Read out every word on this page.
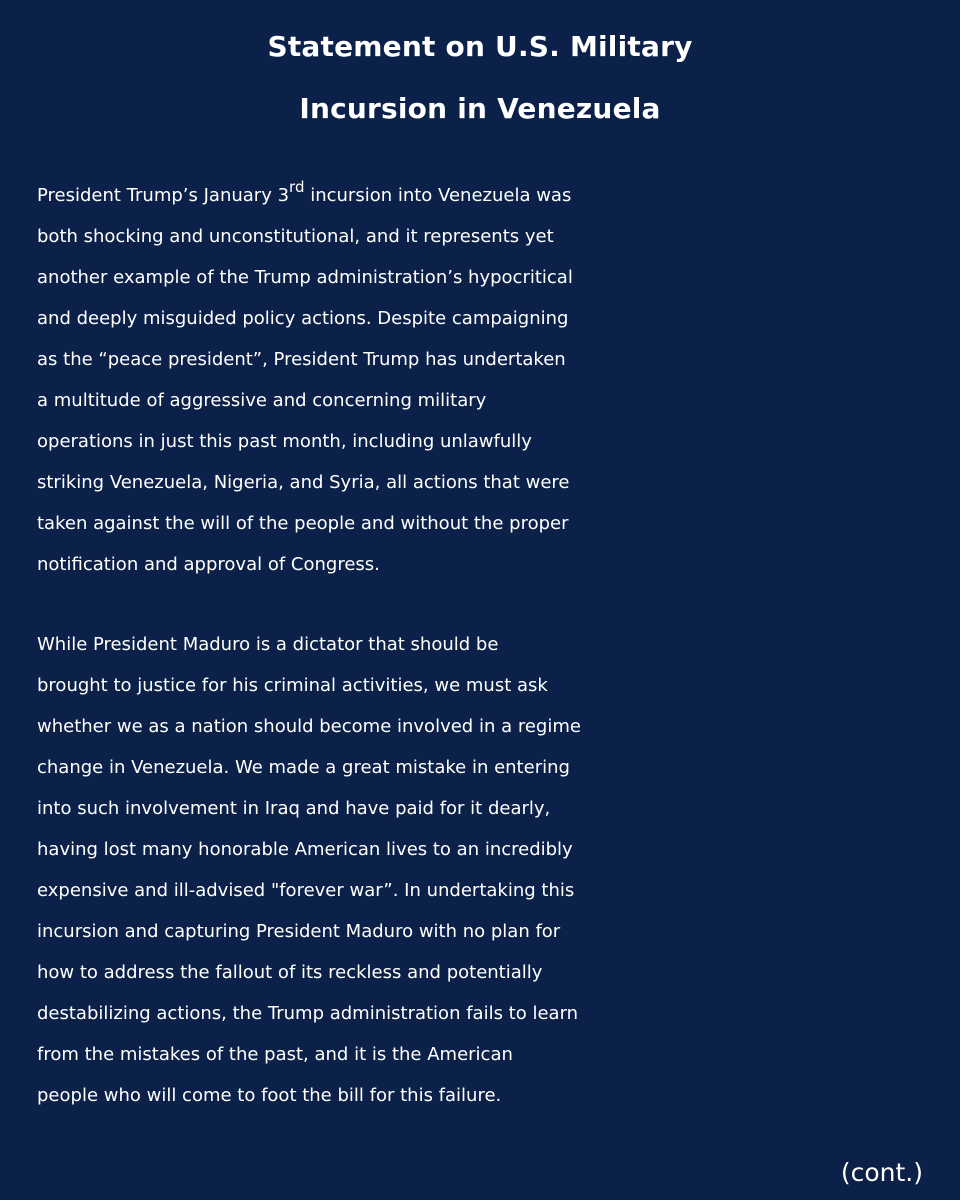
Statement on U.S. Military
Incursion in Venezuela
President Trump’s January 3rd incursion into Venezuela was
both shocking and unconstitutional, and it represents yet
another example of the Trump administration’s hypocritical
and deeply misguided policy actions. Despite campaigning
as the “peace president”, President Trump has undertaken
a multitude of aggressive and concerning military
operations in just this past month, including unlawfully
striking Venezuela, Nigeria, and Syria, all actions that were
taken against the will of the people and without the proper
notification and approval of Congress.
While President Maduro is a dictator that should be
brought to justice for his criminal activities, we must ask
whether we as a nation should become involved in a regime
change in Venezuela. We made a great mistake in entering
into such involvement in Iraq and have paid for it dearly,
having lost many honorable American lives to an incredibly
expensive and ill-advised "forever war”. In undertaking this
incursion and capturing President Maduro with no plan for
how to address the fallout of its reckless and potentially
destabilizing actions, the Trump administration fails to learn
from the mistakes of the past, and it is the American
people who will come to foot the bill for this failure.
(cont.)
